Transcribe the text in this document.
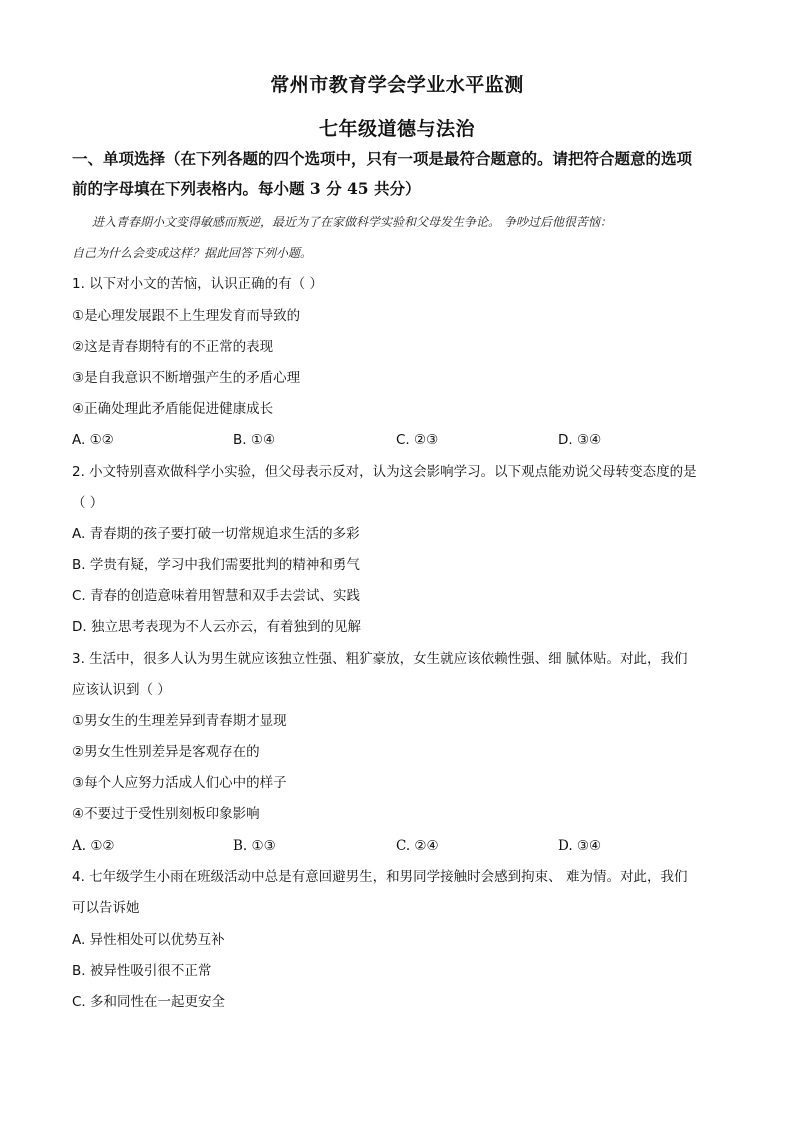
常州市教育学会学业水平监测
七年级道德与法治
一、单项选择（在下列各题的四个选项中，只有一项是最符合题意的。请把符合题意的选项
前的字母填在下列表格内。每小题 3 分 45 共分）
进入青春期小文变得敏感而叛逆，最近为了在家做科学实验和父母发生争论。 争吵过后他很苦恼：
自己为什么会变成这样？据此回答下列小题。
1. 以下对小文的苦恼，认识正确的有（ ）
①是心理发展跟不上生理发育而导致的
②这是青春期特有的不正常的表现
③是自我意识不断增强产生的矛盾心理
④正确处理此矛盾能促进健康成长
A. ①②	B. ①④	C. ②③	D. ③④
2. 小文特别喜欢做科学小实验，但父母表示反对，认为这会影响学习。以下观点能劝说父母转变态度的是
（ ）
A. 青春期的孩子要打破一切常规追求生活的多彩
B. 学贵有疑，学习中我们需要批判的精神和勇气
C. 青春的创造意味着用智慧和双手去尝试、实践
D. 独立思考表现为不人云亦云，有着独到的见解
3. 生活中，很多人认为男生就应该独立性强、粗犷豪放，女生就应该依赖性强、细 腻体贴。对此，我们
应该认识到（ ）
①男女生的生理差异到青春期才显现
②男女生性别差异是客观存在的
③每个人应努力活成人们心中的样子
④不要过于受性别刻板印象影响
A. ①②	B. ①③	C. ②④	D. ③④
4. 七年级学生小雨在班级活动中总是有意回避男生，和男同学接触时会感到拘束、 难为情。对此，我们
可以告诉她
A. 异性相处可以优势互补
B. 被异性吸引很不正常
C. 多和同性在一起更安全
